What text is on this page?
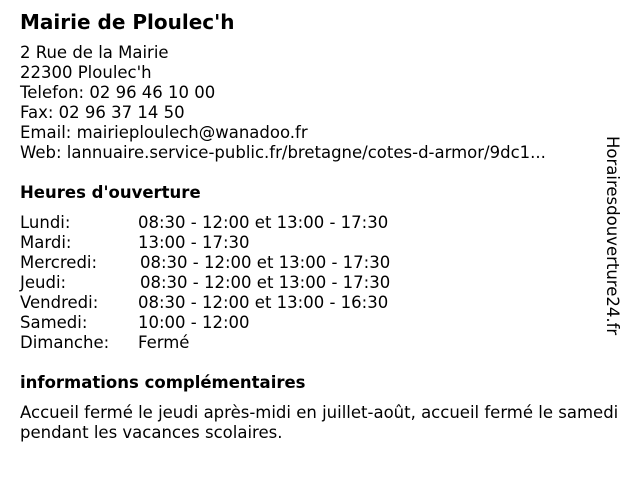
Mairie de Ploulec'h
2 Rue de la Mairie
22300 Ploulec'h
Telefon: 02 96 46 10 00
Fax: 02 96 37 14 50
Email: mairieploulech@wanadoo.fr
Web: lannuaire.service-public.fr/bretagne/cotes-d-armor/9dc1...
Heures d'ouverture
Lundi:	08:30 - 12:00 et 13:00 - 17:30
Mardi:	13:00 - 17:30
Mercredi:	08:30 - 12:00 et 13:00 - 17:30
Jeudi:	08:30 - 12:00 et 13:00 - 17:30
Vendredi: 08:30 - 12:00 et 13:00 - 16:30
Samedi:	10:00 - 12:00
Dimanche: Fermé
informations complémentaires
Accueil fermé le jeudi après-midi en juillet-août, accueil fermé le samedi pendant les vacances scolaires.
Horairesdouverture24.fr
